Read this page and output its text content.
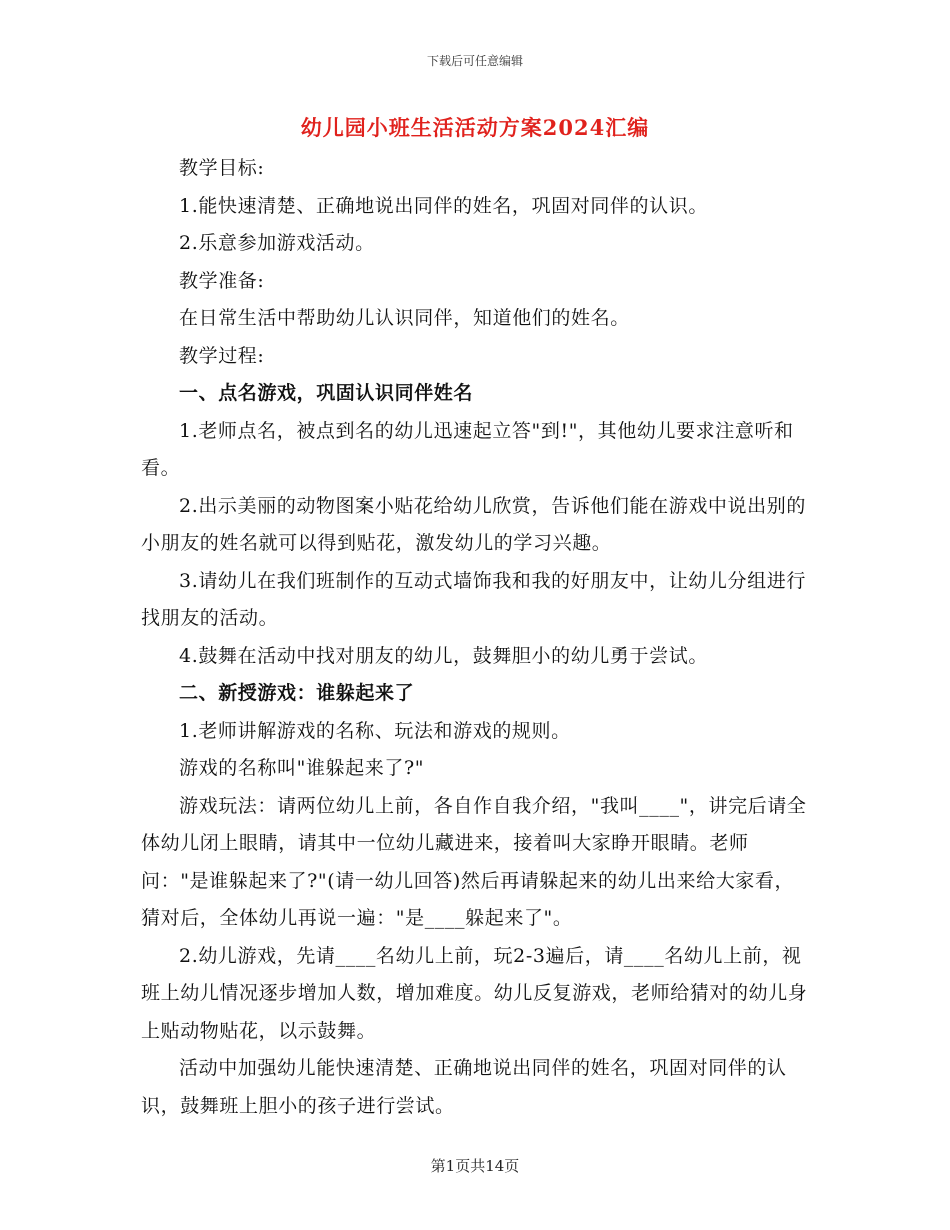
下载后可任意编辑
幼儿园小班生活活动方案2024汇编

教学目标:

1.能快速清楚、正确地说出同伴的姓名，巩固对同伴的认识。

2.乐意参加游戏活动。

教学准备:

在日常生活中帮助幼儿认识同伴，知道他们的姓名。

教学过程:

一、点名游戏，巩固认识同伴姓名

1.老师点名，被点到名的幼儿迅速起立答"到!"，其他幼儿要求注意听和看。

2.出示美丽的动物图案小贴花给幼儿欣赏，告诉他们能在游戏中说出别的小朋友的姓名就可以得到贴花，激发幼儿的学习兴趣。

3.请幼儿在我们班制作的互动式墙饰我和我的好朋友中，让幼儿分组进行找朋友的活动。

4.鼓舞在活动中找对朋友的幼儿，鼓舞胆小的幼儿勇于尝试。

二、新授游戏：谁躲起来了

1.老师讲解游戏的名称、玩法和游戏的规则。

游戏的名称叫"谁躲起来了?"

游戏玩法：请两位幼儿上前，各自作自我介绍，"我叫____"，讲完后请全体幼儿闭上眼睛，请其中一位幼儿藏进来，接着叫大家睁开眼睛。老师问："是谁躲起来了?"(请一幼儿回答)然后再请躲起来的幼儿出来给大家看，猜对后，全体幼儿再说一遍："是____躲起来了"。

2.幼儿游戏，先请____名幼儿上前，玩2-3遍后，请____名幼儿上前，视班上幼儿情况逐步增加人数，增加难度。幼儿反复游戏，老师给猜对的幼儿身上贴动物贴花，以示鼓舞。

活动中加强幼儿能快速清楚、正确地说出同伴的姓名，巩固对同伴的认识，鼓舞班上胆小的孩子进行尝试。

第1页共14页
